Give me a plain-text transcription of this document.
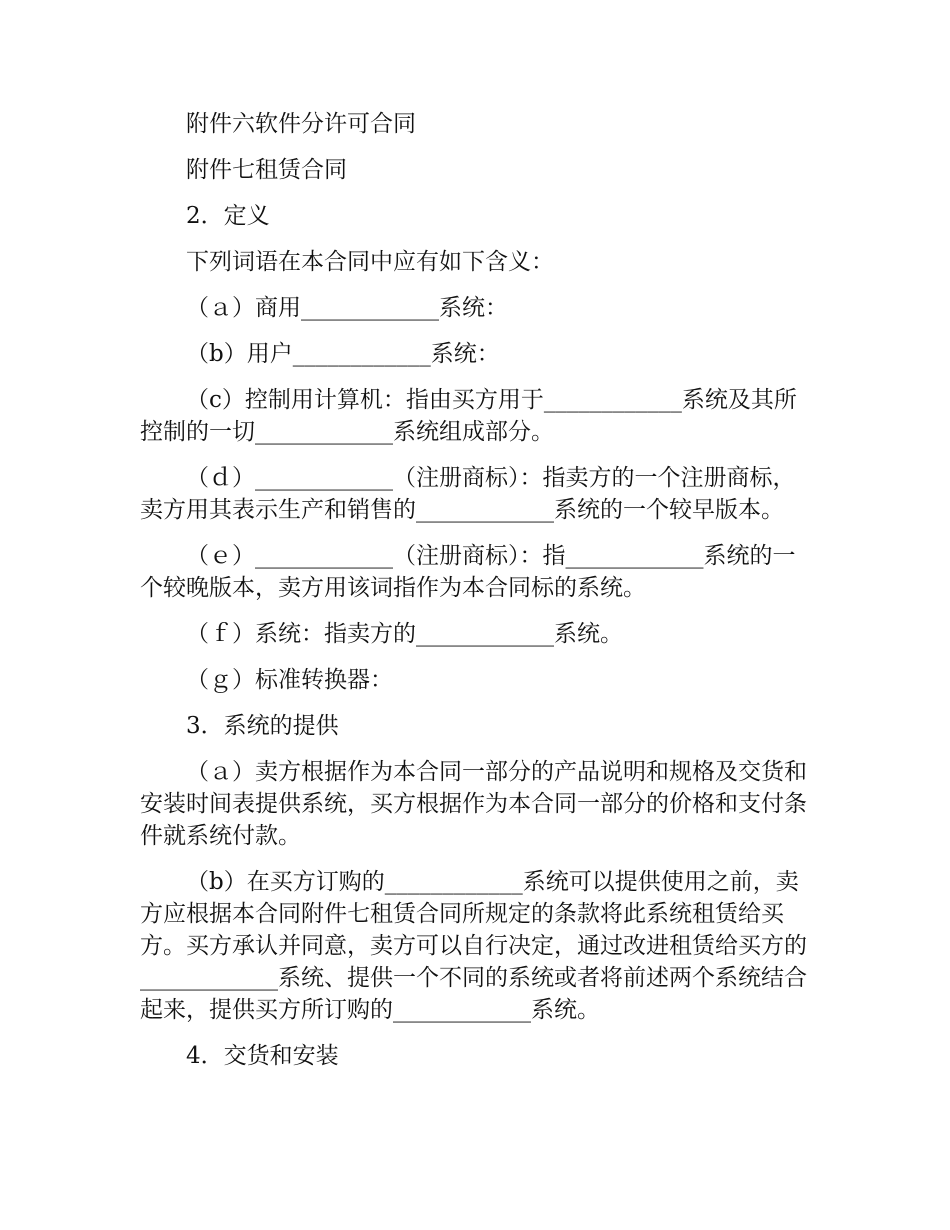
附件六软件分许可合同

附件七租赁合同

2．定义

下列词语在本合同中应有如下含义：

（ａ）商用____________系统：

（b）用户____________系统：

（c）控制用计算机：指由买方用于____________系统及其所控制的一切____________系统组成部分。

（ｄ）____________（注册商标）：指卖方的一个注册商标，卖方用其表示生产和销售的____________系统的一个较早版本。

（ｅ）____________（注册商标）：指____________系统的一个较晚版本，卖方用该词指作为本合同标的系统。

（ｆ）系统：指卖方的____________系统。

（ｇ）标准转换器：

3．系统的提供

（ａ）卖方根据作为本合同一部分的产品说明和规格及交货和安装时间表提供系统，买方根据作为本合同一部分的价格和支付条件就系统付款。

（b）在买方订购的____________系统可以提供使用之前，卖方应根据本合同附件七租赁合同所规定的条款将此系统租赁给买方。买方承认并同意，卖方可以自行决定，通过改进租赁给买方的____________系统、提供一个不同的系统或者将前述两个系统结合起来，提供买方所订购的____________系统。

4．交货和安装
